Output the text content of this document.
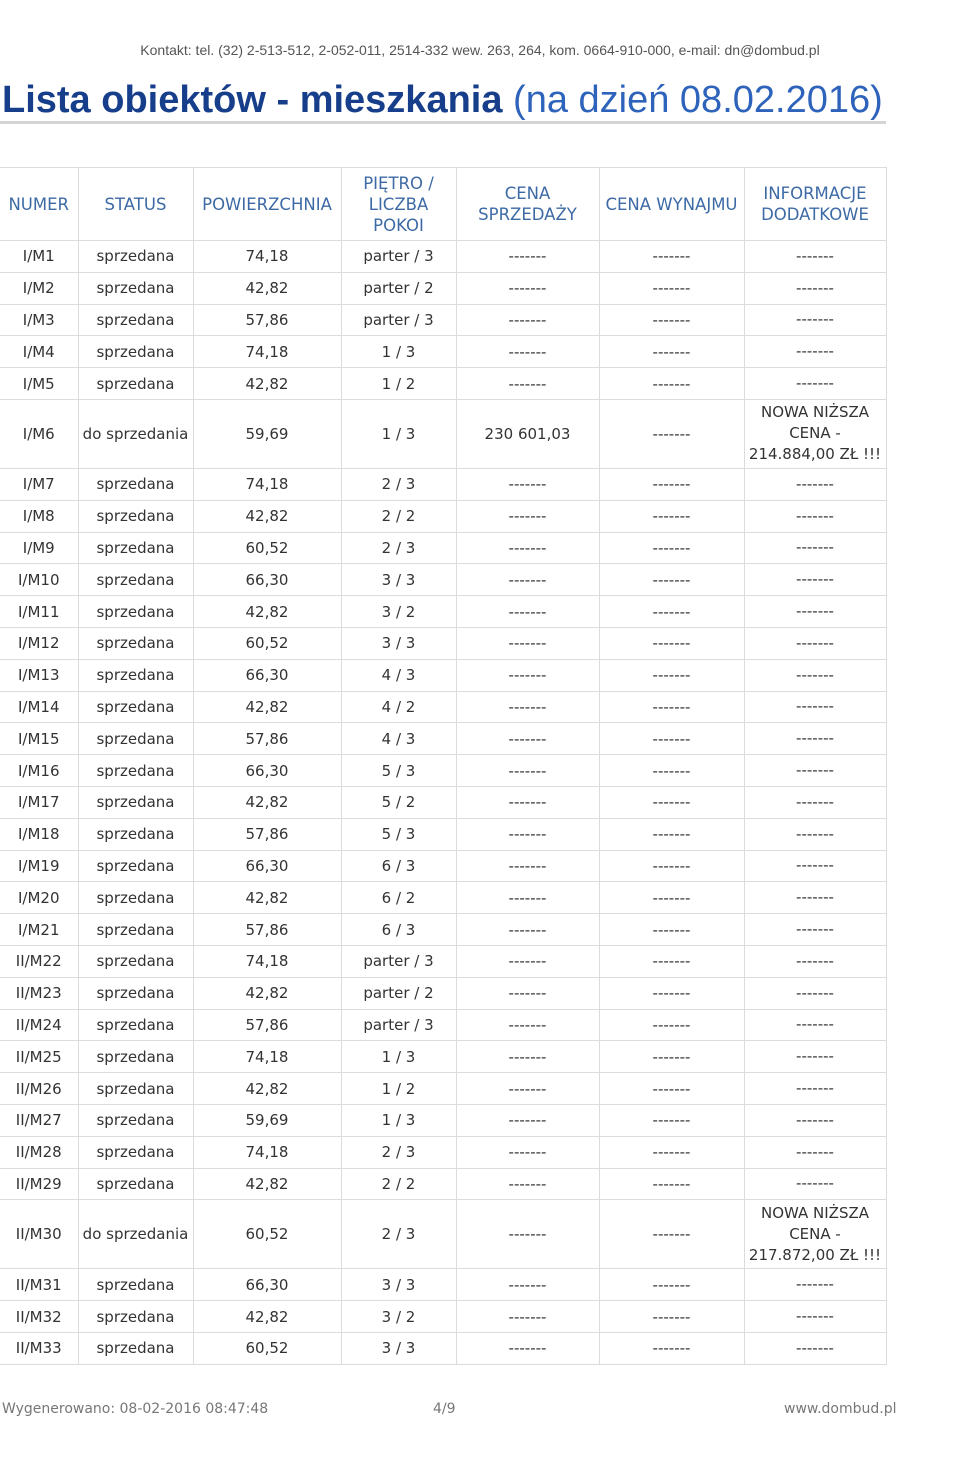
Kontakt: tel. (32) 2-513-512, 2-052-011, 2514-332 wew. 263, 264, kom. 0664-910-000, e-mail: dn@dombud.pl
Lista obiektów - mieszkania (na dzień 08.02.2016)
NUMER	STATUS	POWIERZCHNIA	PIĘTRO / LICZBA POKOI	CENA SPRZEDAŻY	CENA WYNAJMU	INFORMACJE DODATKOWE
I/M1	sprzedana	74,18	parter / 3	-------	-------	-------
I/M2	sprzedana	42,82	parter / 2	-------	-------	-------
I/M3	sprzedana	57,86	parter / 3	-------	-------	-------
I/M4	sprzedana	74,18	1 / 3	-------	-------	-------
I/M5	sprzedana	42,82	1 / 2	-------	-------	-------
I/M6	do sprzedania	59,69	1 / 3	230 601,03	-------	NOWA NIŻSZA CENA - 214.884,00 ZŁ !!!
I/M7	sprzedana	74,18	2 / 3	-------	-------	-------
I/M8	sprzedana	42,82	2 / 2	-------	-------	-------
I/M9	sprzedana	60,52	2 / 3	-------	-------	-------
I/M10	sprzedana	66,30	3 / 3	-------	-------	-------
I/M11	sprzedana	42,82	3 / 2	-------	-------	-------
I/M12	sprzedana	60,52	3 / 3	-------	-------	-------
I/M13	sprzedana	66,30	4 / 3	-------	-------	-------
I/M14	sprzedana	42,82	4 / 2	-------	-------	-------
I/M15	sprzedana	57,86	4 / 3	-------	-------	-------
I/M16	sprzedana	66,30	5 / 3	-------	-------	-------
I/M17	sprzedana	42,82	5 / 2	-------	-------	-------
I/M18	sprzedana	57,86	5 / 3	-------	-------	-------
I/M19	sprzedana	66,30	6 / 3	-------	-------	-------
I/M20	sprzedana	42,82	6 / 2	-------	-------	-------
I/M21	sprzedana	57,86	6 / 3	-------	-------	-------
II/M22	sprzedana	74,18	parter / 3	-------	-------	-------
II/M23	sprzedana	42,82	parter / 2	-------	-------	-------
II/M24	sprzedana	57,86	parter / 3	-------	-------	-------
II/M25	sprzedana	74,18	1 / 3	-------	-------	-------
II/M26	sprzedana	42,82	1 / 2	-------	-------	-------
II/M27	sprzedana	59,69	1 / 3	-------	-------	-------
II/M28	sprzedana	74,18	2 / 3	-------	-------	-------
II/M29	sprzedana	42,82	2 / 2	-------	-------	-------
II/M30	do sprzedania	60,52	2 / 3	-------	-------	NOWA NIŻSZA CENA - 217.872,00 ZŁ !!!
II/M31	sprzedana	66,30	3 / 3	-------	-------	-------
II/M32	sprzedana	42,82	3 / 2	-------	-------	-------
II/M33	sprzedana	60,52	3 / 3	-------	-------	-------
Wygenerowano: 08-02-2016 08:47:48	4/9	www.dombud.pl
